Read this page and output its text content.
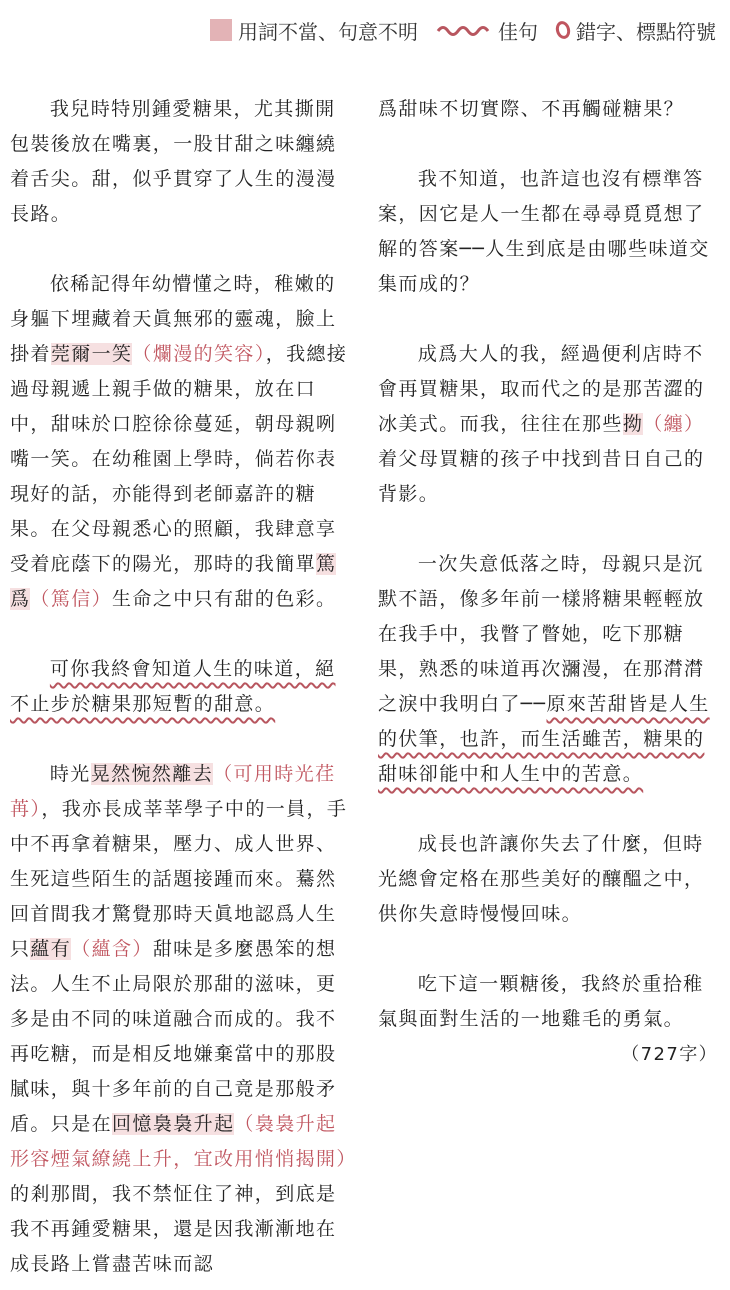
用詞不當、句意不明	佳句 錯字、標點符號

我兒時特別鍾愛糖果，尤其撕開包裝後放在嘴裏，一股甘甜之味纏繞着舌尖。甜，似乎貫穿了人生的漫漫長路。

依稀記得年幼懵懂之時，稚嫩的身軀下埋藏着天眞無邪的靈魂，臉上掛着莞爾一笑（爛漫的笑容），我總接過母親遞上親手做的糖果，放在口中，甜味於口腔徐徐蔓延，朝母親咧嘴一笑。在幼稚園上學時，倘若你表現好的話，亦能得到老師嘉許的糖果。在父母親悉心的照顧，我肆意享受着庇蔭下的陽光，那時的我簡單篤爲（篤信）生命之中只有甜的色彩。

可你我終會知道人生的味道，絕不止步於糖果那短暫的甜意。

時光晃然惋然離去（可用時光荏苒），我亦長成莘莘學子中的一員，手中不再拿着糖果，壓力、成人世界、生死這些陌生的話題接踵而來。驀然回首間我才驚覺那時天眞地認爲人生只蘊有（蘊含）甜味是多麼愚笨的想法。人生不止局限於那甜的滋味，更多是由不同的味道融合而成的。我不再吃糖，而是相反地嫌棄當中的那股膩味，與十多年前的自己竟是那般矛盾。只是在回憶裊裊升起（裊裊升起形容煙氣繚繞上升，宜改用悄悄揭開）的剎那間，我不禁怔住了神，到底是我不再鍾愛糖果，還是因我漸漸地在成長路上嘗盡苦味而認

爲甜味不切實際、不再觸碰糖果？

我不知道，也許這也沒有標準答案，因它是人一生都在尋尋覓覓想了解的答案──人生到底是由哪些味道交集而成的？

成爲大人的我，經過便利店時不會再買糖果，取而代之的是那苦澀的冰美式。而我，往往在那些拗（纏）着父母買糖的孩子中找到昔日自己的背影。

一次失意低落之時，母親只是沉默不語，像多年前一樣將糖果輕輕放在我手中，我瞥了瞥她，吃下那糖果，熟悉的味道再次瀰漫，在那潸潸之淚中我明白了──原來苦甜皆是人生的伏筆，也許，而生活雖苦，糖果的甜味卻能中和人生中的苦意。

成長也許讓你失去了什麼，但時光總會定格在那些美好的釀醞之中，供你失意時慢慢回味。

吃下這一顆糖後，我終於重拾稚氣與面對生活的一地雞毛的勇氣。

（727字）
